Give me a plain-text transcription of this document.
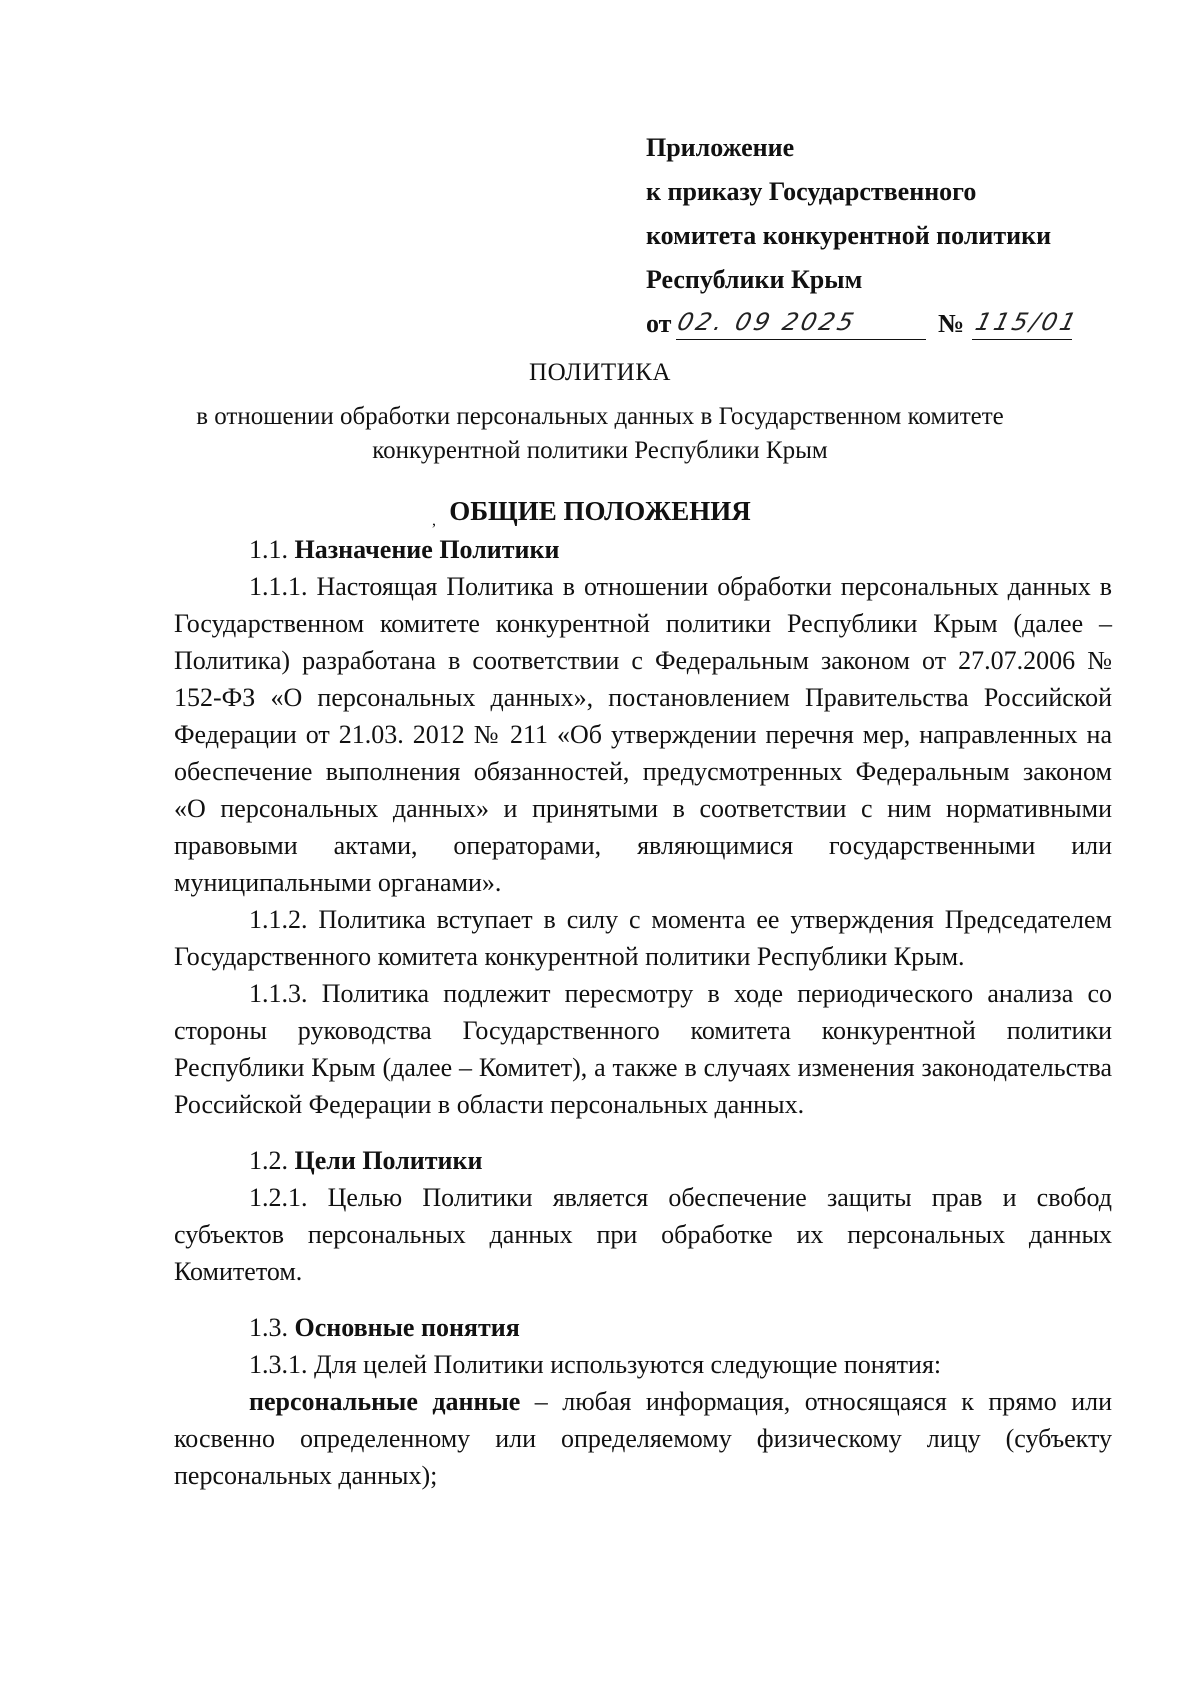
Приложение
к приказу Государственного
комитета конкурентной политики
Республики Крым
от 02. 09 2025	№ 115/01
ПОЛИТИКА
в отношении обработки персональных данных в Государственном комитете
конкурентной политики Республики Крым
, ОБЩИЕ ПОЛОЖЕНИЯ
1.1. Назначение Политики

1.1.1. Настоящая Политика в отношении обработки персональных данных в Государственном комитете конкурентной политики Республики Крым (далее – Политика) разработана в соответствии с Федеральным законом от 27.07.2006 № 152-ФЗ «О персональных данных», постановлением Правительства Российской Федерации от 21.03. 2012 № 211 «Об утверждении перечня мер, направленных на обеспечение выполнения обязанностей, предусмотренных Федеральным законом «О персональных данных» и принятыми в соответствии с ним нормативными правовыми актами, операторами, являющимися государственными или муниципальными органами».

1.1.2. Политика вступает в силу с момента ее утверждения Председателем Государственного комитета конкурентной политики Республики Крым.

1.1.3. Политика подлежит пересмотру в ходе периодического анализа со стороны руководства Государственного комитета конкурентной политики Республики Крым (далее – Комитет), а также в случаях изменения законодательства Российской Федерации в области персональных данных.

1.2. Цели Политики

1.2.1. Целью Политики является обеспечение защиты прав и свобод субъектов персональных данных при обработке их персональных данных Комитетом.

1.3. Основные понятия

1.3.1. Для целей Политики используются следующие понятия:

персональные данные – любая информация, относящаяся к прямо или косвенно определенному или определяемому физическому лицу (субъекту персональных данных);
